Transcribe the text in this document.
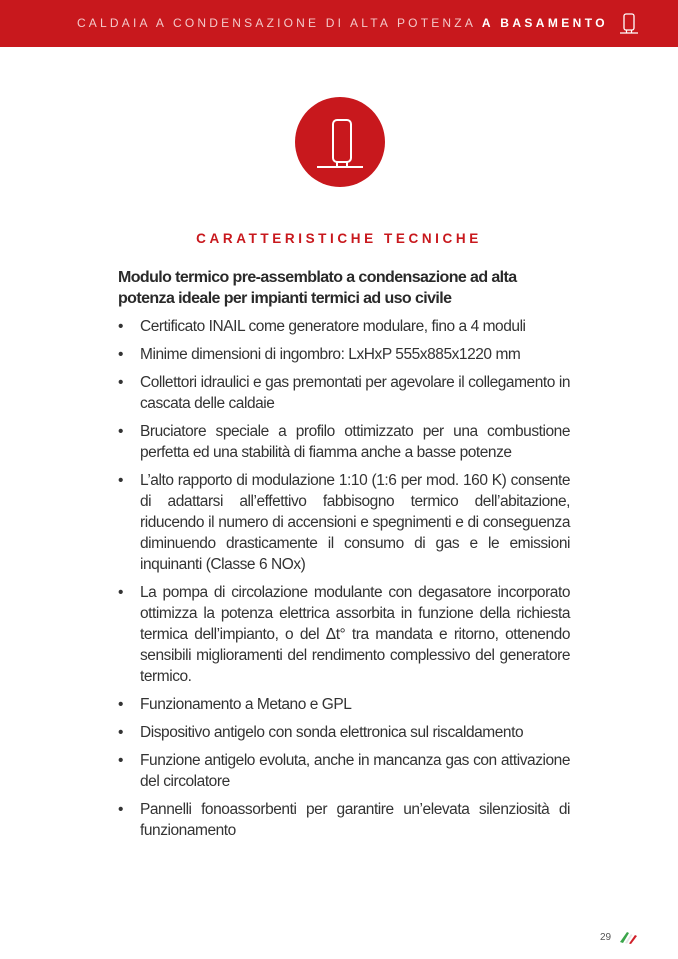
CALDAIA A CONDENSAZIONE DI ALTA POTENZA A BASAMENTO
CARATTERISTICHE TECNICHE
Modulo termico pre-assemblato a condensazione ad alta potenza ideale per impianti termici ad uso civile
• Certificato INAIL come generatore modulare, fino a 4 moduli
• Minime dimensioni di ingombro: LxHxP 555x885x1220 mm
• Collettori idraulici e gas premontati per agevolare il collegamento in cascata delle caldaie
• Bruciatore speciale a profilo ottimizzato per una combustione perfetta ed una stabilità di fiamma anche a basse potenze
• L’alto rapporto di modulazione 1:10 (1:6 per mod. 160 K) consente di adattarsi all’effettivo fabbisogno termico dell’abitazione, riducendo il numero di accensioni e spegnimenti e di conseguenza diminuendo drasticamente il consumo di gas e le emissioni inquinanti (Classe 6 NOx)
• La pompa di circolazione modulante con degasatore incorporato ottimizza la potenza elettrica assorbita in funzione della richiesta termica dell’impianto, o del Δt° tra mandata e ritorno, ottenendo sensibili miglioramenti del rendimento complessivo del generatore termico.
• Funzionamento a Metano e GPL
• Dispositivo antigelo con sonda elettronica sul riscaldamento
• Funzione antigelo evoluta, anche in mancanza gas con attivazione del circolatore
• Pannelli fonoassorbenti per garantire un’elevata silenziosità di funzionamento
29
